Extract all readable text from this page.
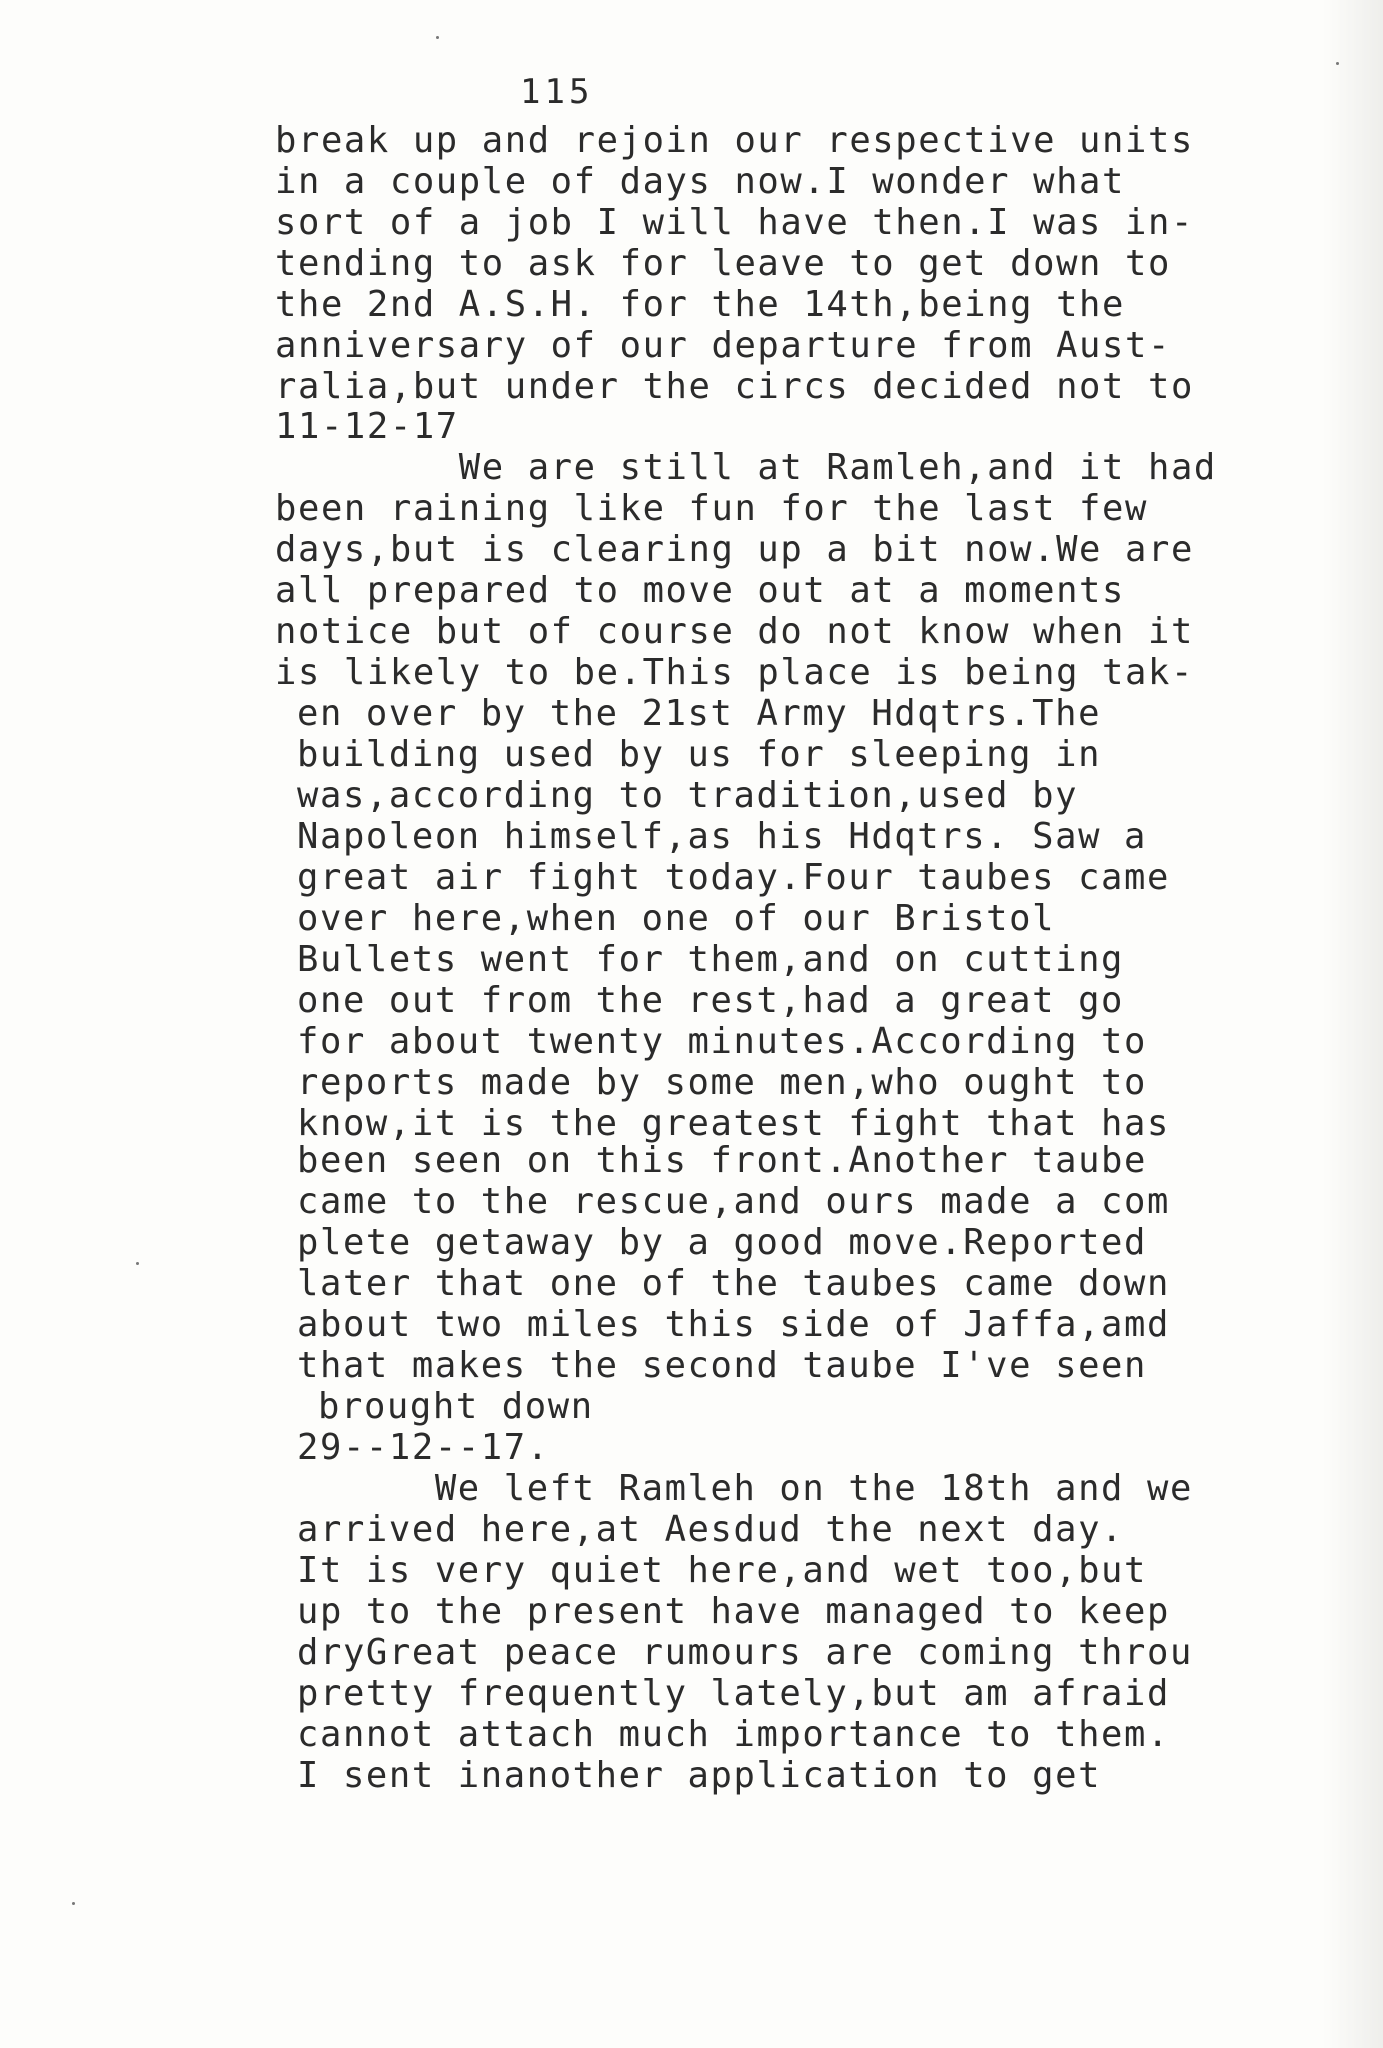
115
break up and rejoin our respective units
in a couple of days now.I wonder what
sort of a job I will have then.I was in-
tending to ask for leave to get down to
the 2nd A.S.H. for the 14th,being the
anniversary of our departure from Aust-
ralia,but under the circs decided not to
11-12-17
We are still at Ramleh,and it had
been raining like fun for the last few
days,but is clearing up a bit now.We are
all prepared to move out at a moments
notice but of course do not know when it
is likely to be.This place is being tak-
en over by the 21st Army Hdqtrs.The
building used by us for sleeping in
was,according to tradition,used by
Napoleon himself,as his Hdqtrs. Saw a
great air fight today.Four taubes came
over here,when one of our Bristol
Bullets went for them,and on cutting
one out from the rest,had a great go
for about twenty minutes.According to
reports made by some men,who ought to
know,it is the greatest fight that has
been seen on this front.Another taube
came to the rescue,and ours made a com
plete getaway by a good move.Reported
later that one of the taubes came down
about two miles this side of Jaffa,amd
that makes the second taube I've seen
brought down
29--12--17.
We left Ramleh on the 18th and we
arrived here,at Aesdud the next day.
It is very quiet here,and wet too,but
up to the present have managed to keep
dryGreat peace rumours are coming throu
pretty frequently lately,but am afraid
cannot attach much importance to them.
I sent inanother application to get
